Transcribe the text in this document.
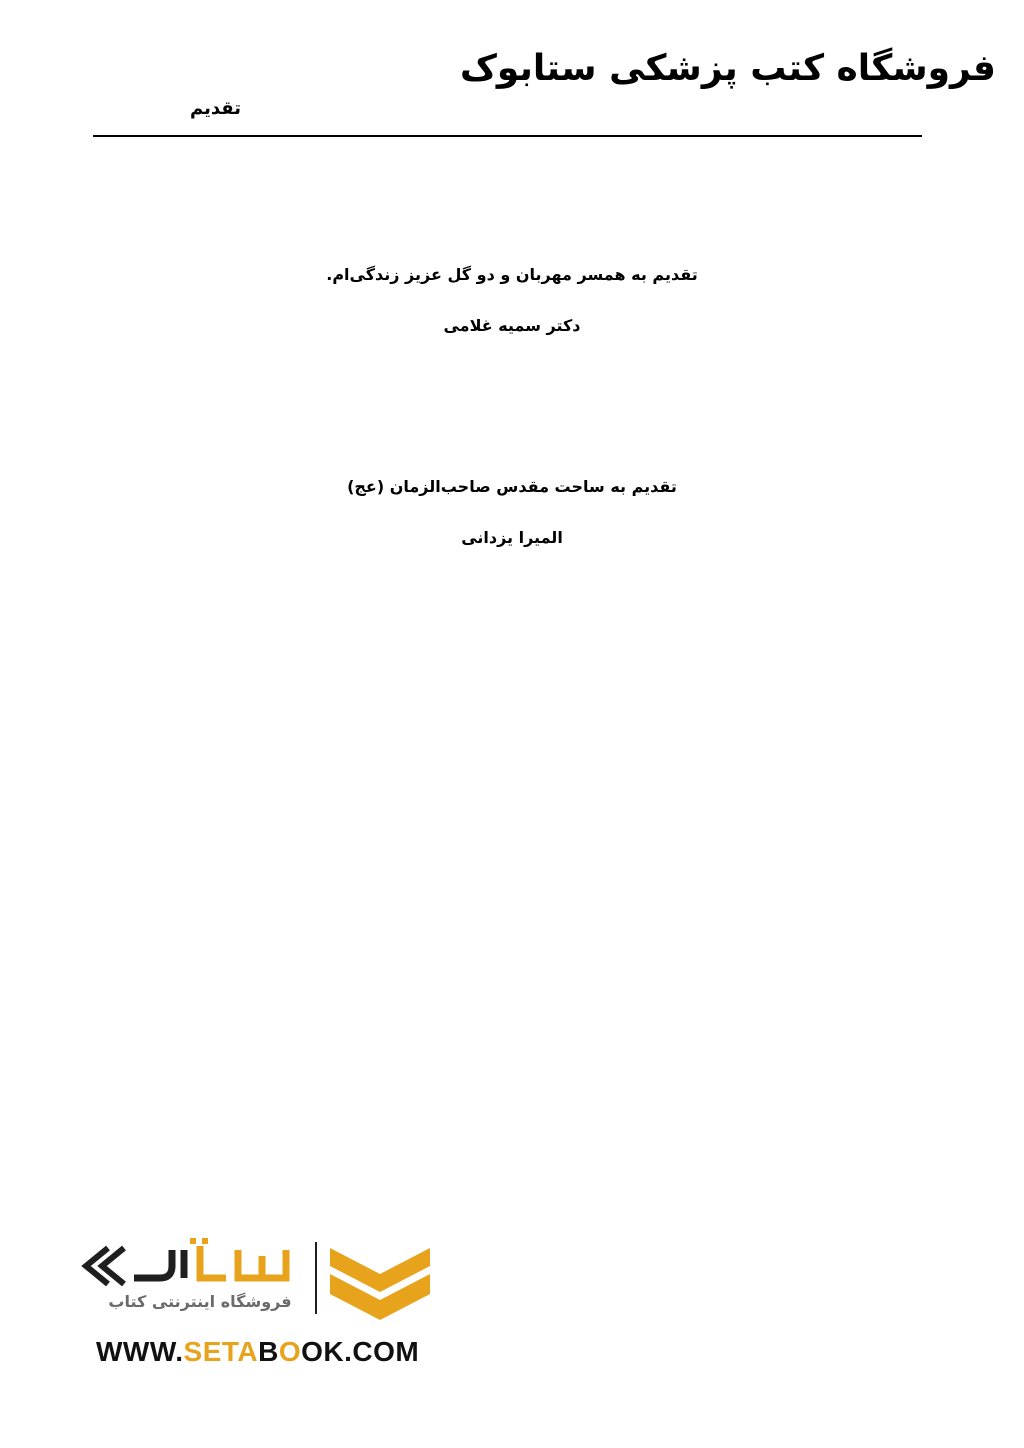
فروشگاه کتب پزشکی ستابوک
تقدیم
تقدیم به همسر مهربان و دو گل عزیز زندگی‌ام.
دکتر سمیه غلامی
تقدیم به ساحت مقدس صاحب‌الزمان (عج)
المیرا یزدانی
فروشگاه اینترنتی کتاب
WWW.SETABOOK.COM
